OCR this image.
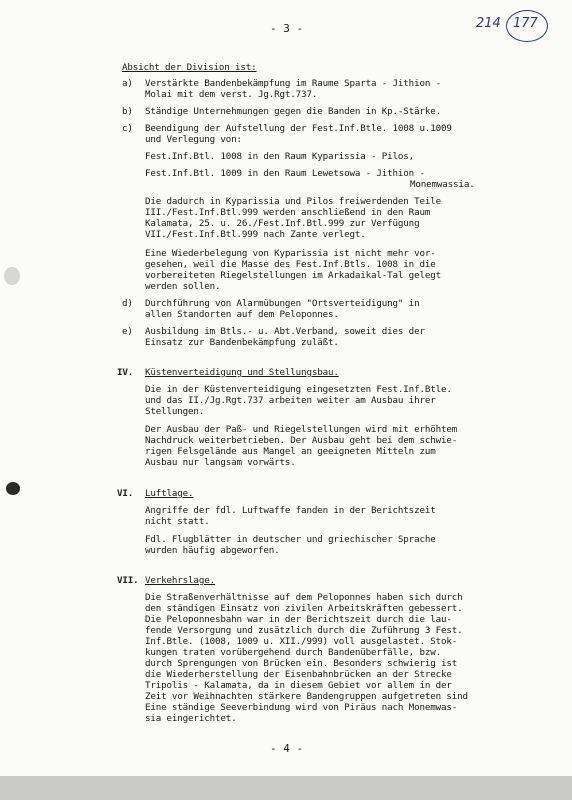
- 3 -	214 177
Absicht der Division ist:
a) Verstärkte Bandenbekämpfung im Raume Sparta - Jithion -
Molai mit dem verst. Jg.Rgt.737.
b) Ständige Unternehmungen gegen die Banden in Kp.-Stärke.
c) Beendigung der Aufstellung der Fest.Inf.Btle. 1008 u.1009
und Verlegung von:
Fest.Inf.Btl. 1008 in den Raum Kyparissia - Pilos,
Fest.Inf.Btl. 1009 in den Raum Lewetsowa - Jithion -
Monemwassia.
Die dadurch in Kyparissia und Pilos freiwerdenden Teile
III./Fest.Inf.Btl.999 werden anschließend in den Raum
Kalamata, 25. u. 26./Fest.Inf.Btl.999 zur Verfügung
VII./Fest.Inf.Btl.999 nach Zante verlegt.
Eine Wiederbelegung von Kyparissia ist nicht mehr vor-
gesehen, weil die Masse des Fest.Inf.Btls. 1008 in die
vorbereiteten Riegelstellungen im Arkadaikal-Tal gelegt
werden sollen.
d) Durchführung von Alarmübungen "Ortsverteidigung" in
allen Standorten auf dem Peloponnes.
e) Ausbildung im Btls.- u. Abt.Verband, soweit dies der
Einsatz zur Bandenbekämpfung zuläßt.
IV. Küstenverteidigung und Stellungsbau.
Die in der Küstenverteidigung eingesetzten Fest.Inf.Btle.
und das II./Jg.Rgt.737 arbeiten weiter am Ausbau ihrer
Stellungen.
Der Ausbau der Paß- und Riegelstellungen wird mit erhöhtem
Nachdruck weiterbetrieben. Der Ausbau geht bei dem schwie-
rigen Felsgelände aus Mangel an geeigneten Mitteln zum
Ausbau nur langsam vorwärts.
VI. Luftlage.
Angriffe der fdl. Luftwaffe fanden in der Berichtszeit
nicht statt.
Fdl. Flugblätter in deutscher und griechischer Sprache
wurden häufig abgeworfen.
VII. Verkehrslage.
Die Straßenverhältnisse auf dem Peloponnes haben sich durch
den ständigen Einsatz von zivilen Arbeitskräften gebessert.
Die Peloponnesbahn war in der Berichtszeit durch die lau-
fende Versorgung und zusätzlich durch die Zuführung 3 Fest.
Inf.Btle. (1008, 1009 u. XII./999) voll ausgelastet. Stok-
kungen traten vorübergehend durch Bandenüberfälle, bzw.
durch Sprengungen von Brücken ein. Besonders schwierig ist
die Wiederherstellung der Eisenbahnbrücken an der Strecke
Tripolis - Kalamata, da in diesem Gebiet vor allem in der
Zeit vor Weihnachten stärkere Bandengruppen aufgetreten sind
Eine ständige Seeverbindung wird von Piräus nach Monemwas-
sia eingerichtet.
- 4 -
